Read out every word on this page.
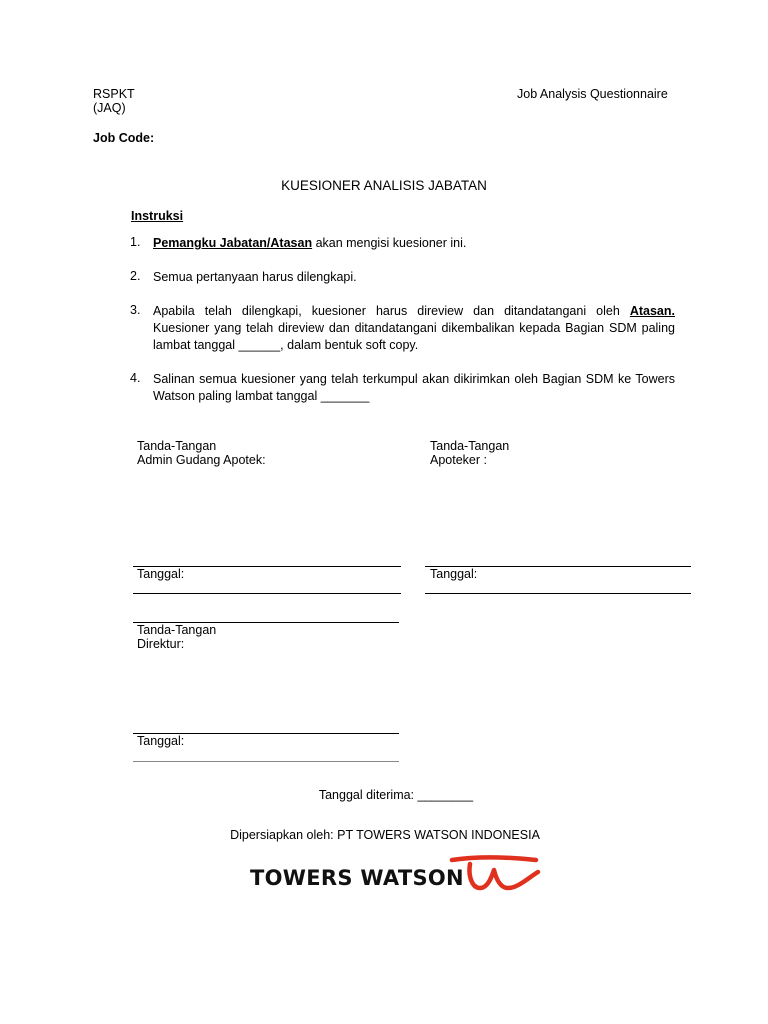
RSPKT
(JAQ)
Job Analysis Questionnaire
Job Code:
KUESIONER ANALISIS JABATAN
Instruksi
1. Pemangku Jabatan/Atasan akan mengisi kuesioner ini.
2. Semua pertanyaan harus dilengkapi.
3. Apabila telah dilengkapi, kuesioner harus direview dan ditandatangani oleh Atasan. Kuesioner yang telah direview dan ditandatangani dikembalikan kepada Bagian SDM paling lambat tanggal ______, dalam bentuk soft copy.
4. Salinan semua kuesioner yang telah terkumpul akan dikirimkan oleh Bagian SDM ke Towers Watson paling lambat tanggal _______
Tanda-Tangan
Admin Gudang Apotek:
Tanggal:
Tanda-Tangan
Apoteker :
Tanggal:
Tanda-Tangan
Direktur:
Tanggal:
Tanggal diterima: ________
Dipersiapkan oleh: PT TOWERS WATSON INDONESIA
TOWERS WATSON
